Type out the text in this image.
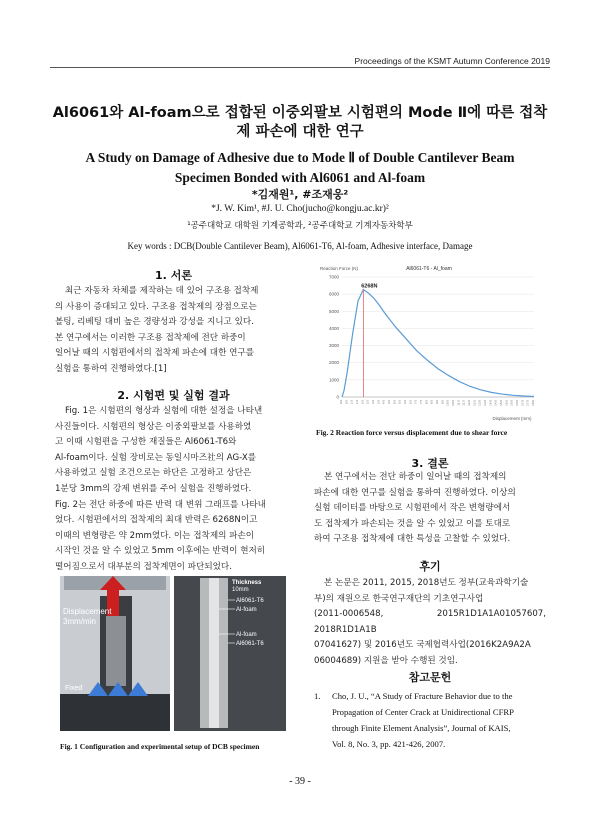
Proceedings of the KSMT Autumn Conference 2019
Al6061와 Al-foam으로 접합된 이중외팔보 시험편의 Mode Ⅱ에 따른 접착
제 파손에 대한 연구
A Study on Damage of Adhesive due to Mode Ⅱ of Double Cantilever Beam
Specimen Bonded with Al6061 and Al-foam
*김재원¹, #조재웅²
*J. W. Kim¹, #J. U. Cho(jucho@kongju.ac.kr)²
¹공주대학교 대학원 기계공학과, ²공주대학교 기계자동차학부
Key words : DCB(Double Cantilever Beam), Al6061-T6, Al-foam, Adhesive interface, Damage
1. 서론
최근 자동차 차체를 제작하는 데 있어 구조용 접착제
의 사용이 증대되고 있다. 구조용 접착제의 장점으로는
볼팅, 리베팅 대비 높은 경량성과 강성을 지니고 있다.
본 연구에서는 이러한 구조용 접착제에 전단 하중이
일어날 때의 시험편에서의 접착제 파손에 대한 연구를
실험을 통하여 진행하였다.[1]
2. 시험편 및 실험 결과
Fig. 1은 시험편의 형상과 실험에 대한 설정을 나타낸
사진들이다. 시험편의 형상은 이중외팔보를 사용하였
고 이때 시험편을 구성한 재질들은 Al6061-T6와
Al-foam이다. 실험 장비로는 동일시마즈社의 AG-X를
사용하였고 실험 조건으로는 하단은 고정하고 상단은
1분당 3mm의 강제 변위를 주어 실험을 진행하였다.
Fig. 2는 전단 하중에 따른 반력 대 변위 그래프를 나타내
었다. 시험편에서의 접착제의 최대 반력은 6268N이고
이때의 변형량은 약 2mm였다. 이는 접착제의 파손이
시작인 것을 알 수 있었고 5mm 이후에는 반력이 현저히
떨어짐으로서 대부분의 접착계면이 파단되었다.
Displacement
3mm/min
Fixed
Thickness
10mm
Al6061-T6
Al-foam
Al-foam
Al6061-T6
Fig. 1 Configuration and experimental setup of DCB specimen
Reaction Force (N)	Al6061-T6 - Al_foam
0
1000
2000
3000
4000
5000
6000
7000
0.0 0.5 1.0 1.5 2.0 2.5 3.0 3.5 4.0 4.5 5.0 5.5 6.0 6.5 7.0 7.5 8.0 8.5 9.0 9.5 10.0 10.5 11.0 11.5 12.0 12.5 13.0 13.5 14.0 14.5 15.0 15.5 16.0 16.5 17.0 17.5 18.0
6268N
Displacement (mm)
Fig. 2 Reaction force versus displacement due to shear force
3. 결론
본 연구에서는 전단 하중이 일어날 때의 접착제의
파손에 대한 연구를 실험을 통하여 진행하였다. 이상의
실험 데이터를 바탕으로 시험편에서 작은 변형량에서
도 접착제가 파손되는 것을 알 수 있었고 이를 토대로
하여 구조용 접착제에 대한 특성을 고찰할 수 있었다.
후기
본 논문은 2011, 2015, 2018년도 정부(교육과학기술
부)의 재원으로 한국연구재단의 기초연구사업
(2011-0006548, 2015R1D1A1A01057607, 2018R1D1A1B
07041627) 및 2016년도 국제협력사업(2016K2A9A2A
06004689) 지원을 받아 수행된 것임.
참고문헌
1. Cho, J. U., “A Study of Fracture Behavior due to the
Propagation of Center Crack at Unidirectional CFRP
through Finite Element Analysis”, Journal of KAIS,
Vol. 8, No. 3, pp. 421-426, 2007.
- 39 -
